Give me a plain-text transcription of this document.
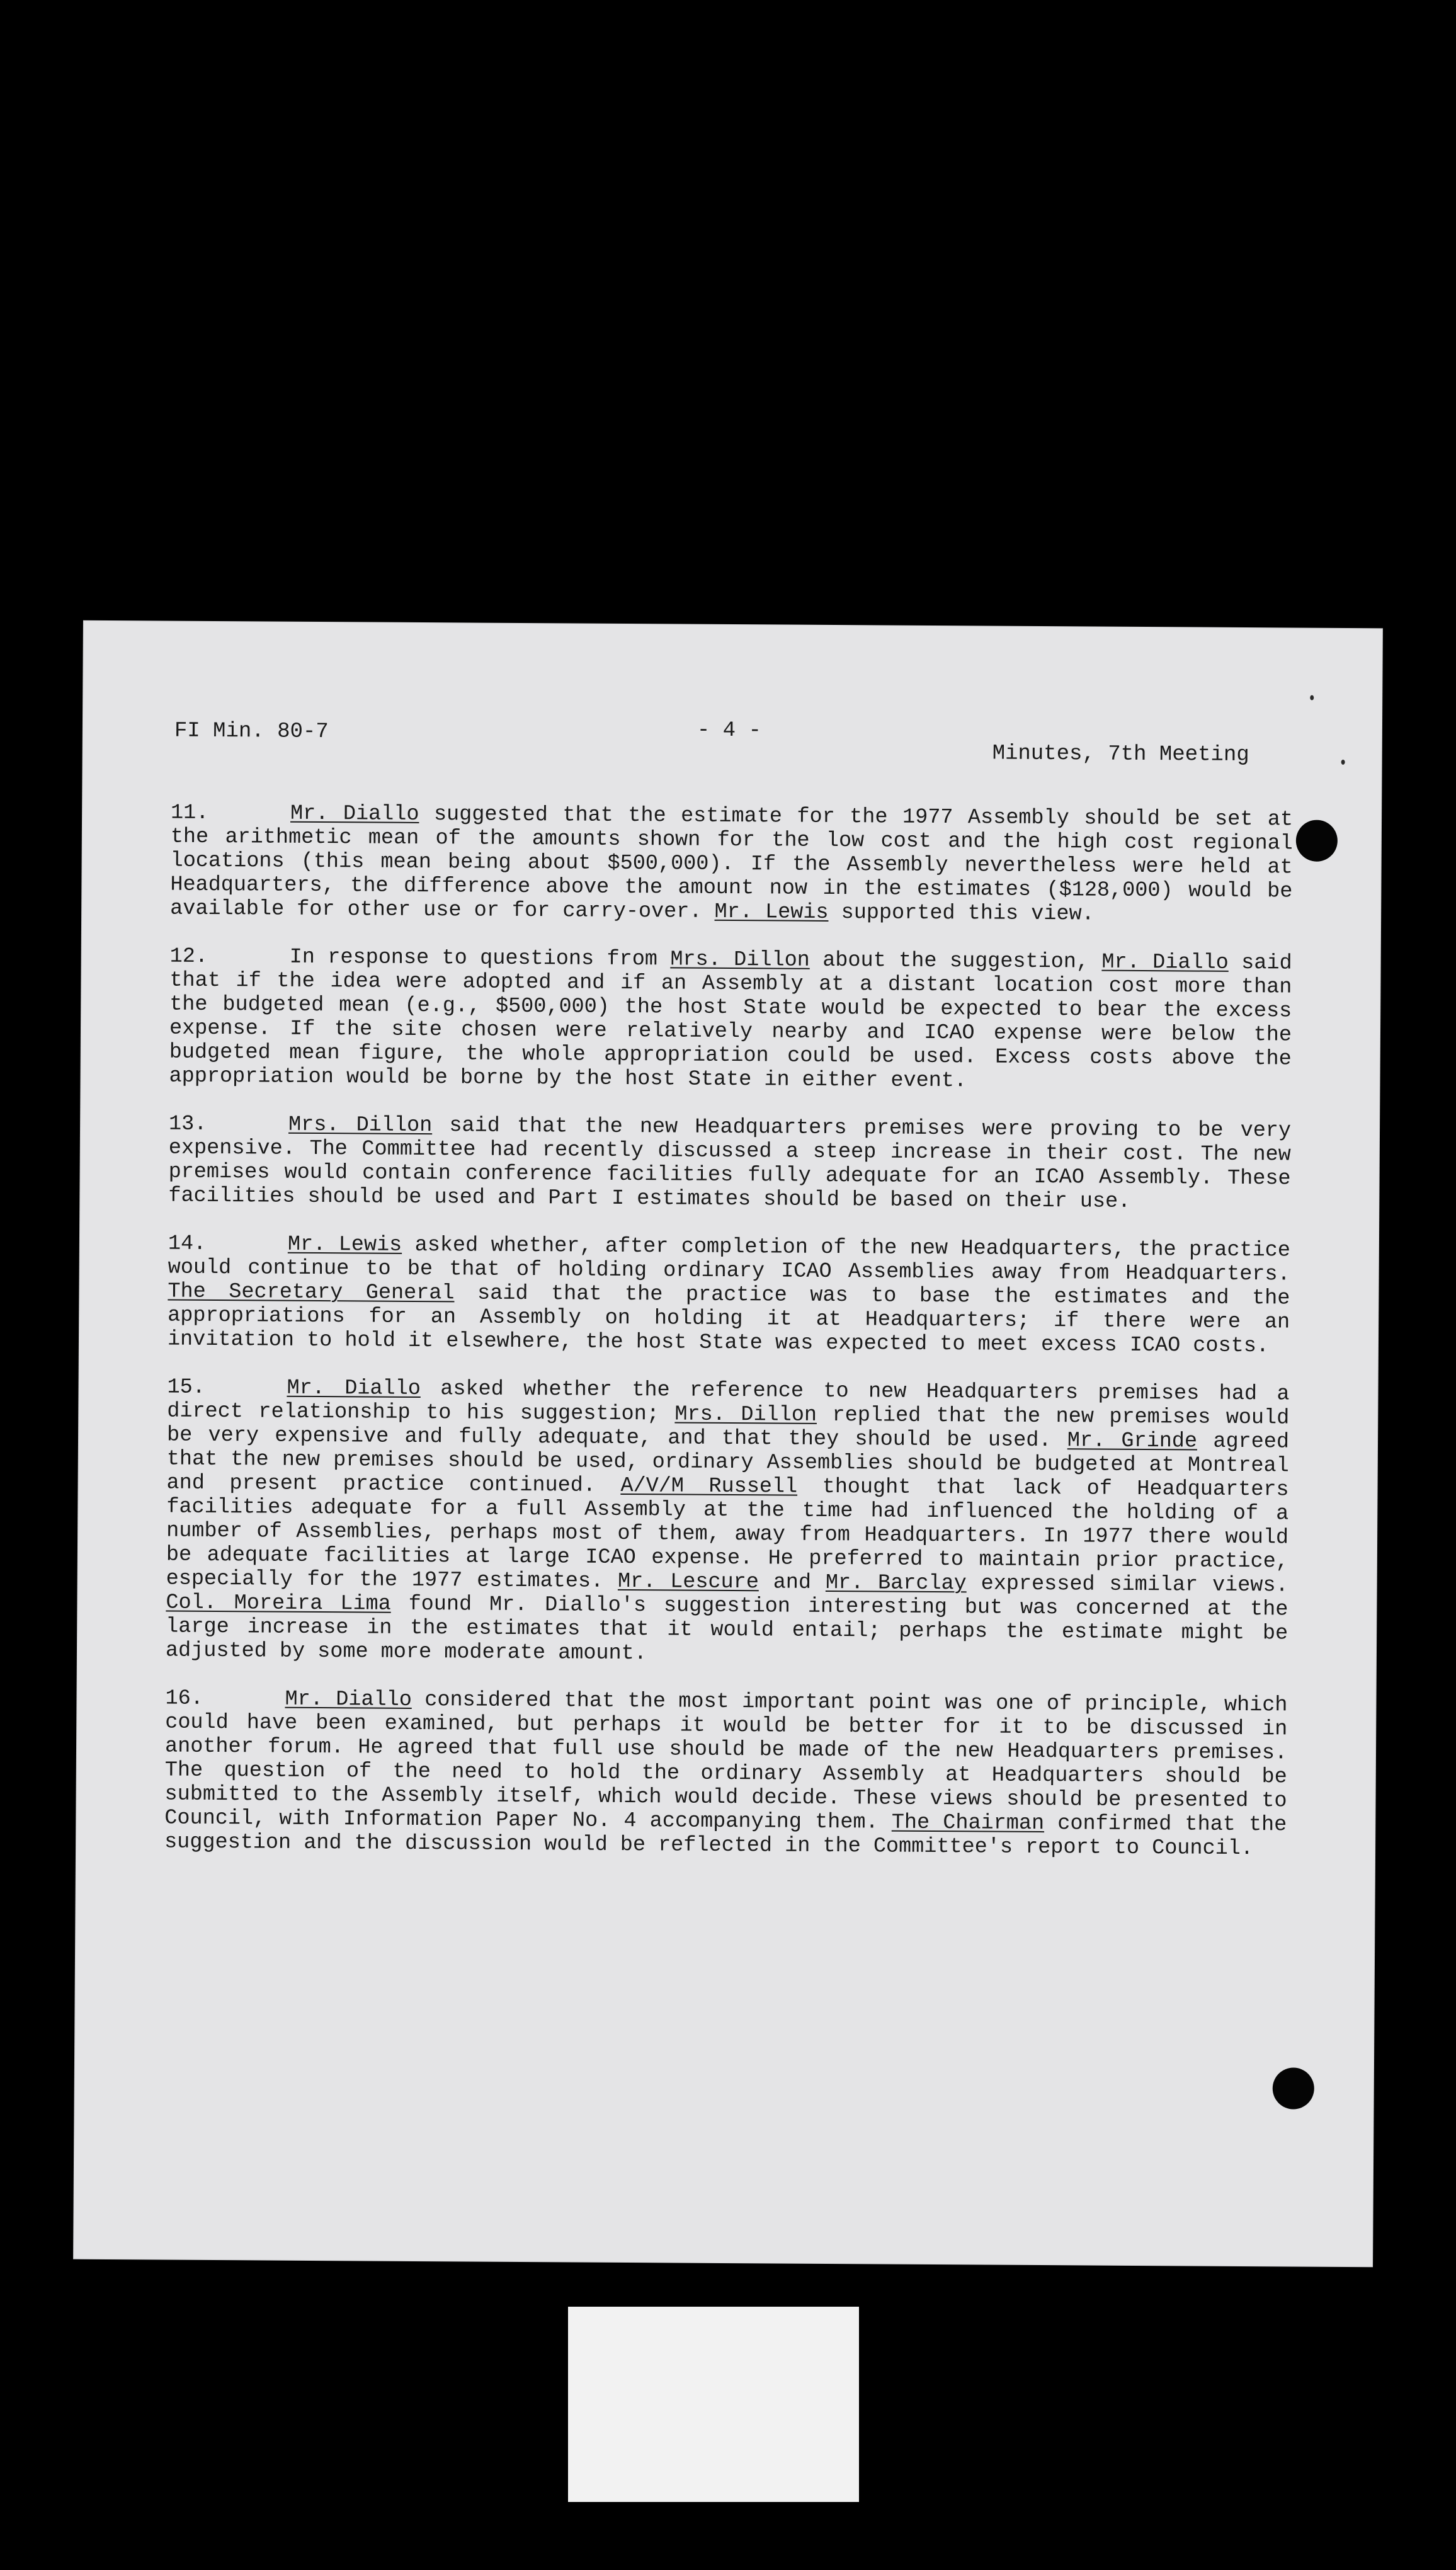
FI Min. 80-7	- 4 -
Minutes, 7th Meeting

11.	Mr. Diallo suggested that the estimate for the 1977 Assembly should be set at the arithmetic mean of the amounts shown for the low cost and the high cost regional locations (this mean being about $500,000). If the Assembly nevertheless were held at Headquarters, the difference above the amount now in the estimates ($128,000) would be available for other use or for carry-over. Mr. Lewis supported this view.

12.	In response to questions from Mrs. Dillon about the suggestion, Mr. Diallo said that if the idea were adopted and if an Assembly at a distant location cost more than the budgeted mean (e.g., $500,000) the host State would be expected to bear the excess expense. If the site chosen were relatively nearby and ICAO expense were below the budgeted mean figure, the whole appropriation could be used. Excess costs above the appropriation would be borne by the host State in either event.

13.	Mrs. Dillon said that the new Headquarters premises were proving to be very expensive. The Committee had recently discussed a steep increase in their cost. The new premises would contain conference facilities fully adequate for an ICAO Assembly. These facilities should be used and Part I estimates should be based on their use.

14.	Mr. Lewis asked whether, after completion of the new Headquarters, the practice would continue to be that of holding ordinary ICAO Assemblies away from Headquarters. The Secretary General said that the practice was to base the estimates and the appropriations for an Assembly on holding it at Headquarters; if there were an invitation to hold it elsewhere, the host State was expected to meet excess ICAO costs.

15.	Mr. Diallo asked whether the reference to new Headquarters premises had a direct relationship to his suggestion; Mrs. Dillon replied that the new premises would be very expensive and fully adequate, and that they should be used. Mr. Grinde agreed that the new premises should be used, ordinary Assemblies should be budgeted at Montreal and present practice continued. A/V/M Russell thought that lack of Headquarters facilities adequate for a full Assembly at the time had influenced the holding of a number of Assemblies, perhaps most of them, away from Headquarters. In 1977 there would be adequate facilities at large ICAO expense. He preferred to maintain prior practice, especially for the 1977 estimates. Mr. Lescure and Mr. Barclay expressed similar views. Col. Moreira Lima found Mr. Diallo's suggestion interesting but was concerned at the large increase in the estimates that it would entail; perhaps the estimate might be adjusted by some more moderate amount.

16.	Mr. Diallo considered that the most important point was one of principle, which could have been examined, but perhaps it would be better for it to be discussed in another forum. He agreed that full use should be made of the new Headquarters premises. The question of the need to hold the ordinary Assembly at Headquarters should be submitted to the Assembly itself, which would decide. These views should be presented to Council, with Information Paper No. 4 accompanying them. The Chairman confirmed that the suggestion and the discussion would be reflected in the Committee's report to Council.
